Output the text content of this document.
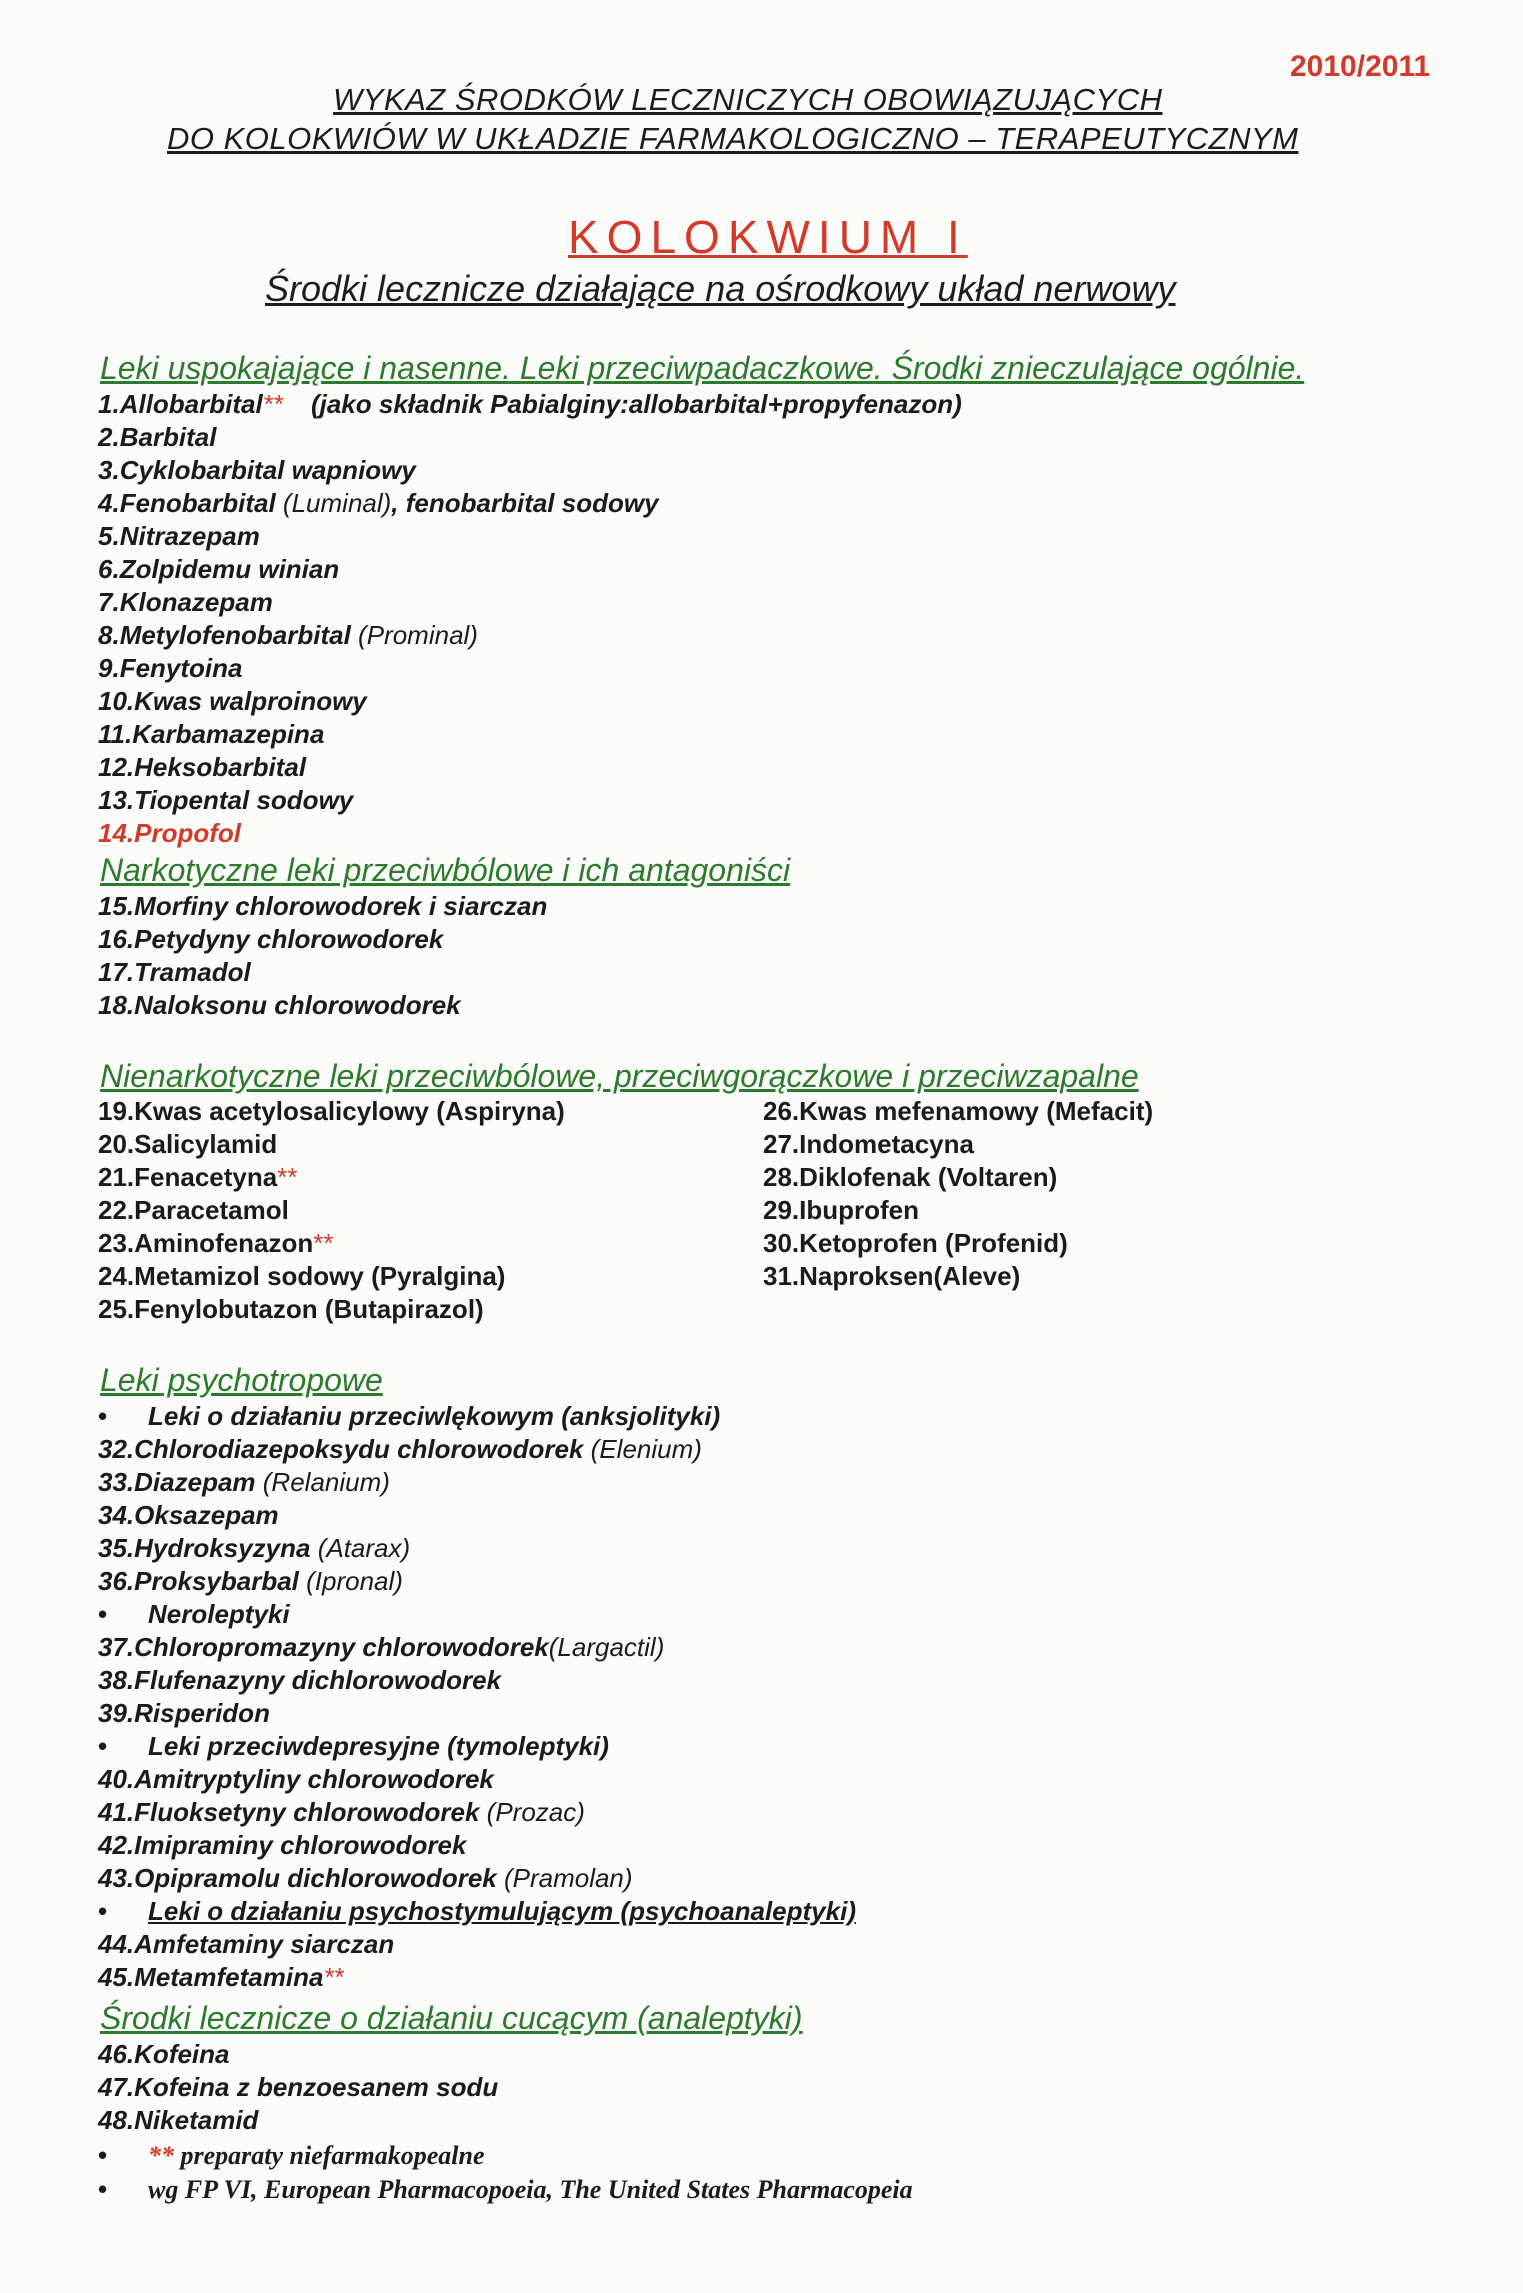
2010/2011
WYKAZ ŚRODKÓW LECZNICZYCH OBOWIĄZUJĄCYCH
DO KOLOKWIÓW W UKŁADZIE FARMAKOLOGICZNO – TERAPEUTYCZNYM
KOLOKWIUM I
Środki lecznicze działające na ośrodkowy układ nerwowy
Leki uspokajające i nasenne. Leki przeciwpadaczkowe. Środki znieczulające ogólnie.
1.Allobarbital** (jako składnik Pabialginy:allobarbital+propyfenazon)
2.Barbital
3.Cyklobarbital wapniowy
4.Fenobarbital (Luminal), fenobarbital sodowy
5.Nitrazepam
6.Zolpidemu winian
7.Klonazepam
8.Metylofenobarbital (Prominal)
9.Fenytoina
10.Kwas walproinowy
11.Karbamazepina
12.Heksobarbital
13.Tiopental sodowy
14.Propofol
Narkotyczne leki przeciwbólowe i ich antagoniści
15.Morfiny chlorowodorek i siarczan
16.Petydyny chlorowodorek
17.Tramadol
18.Naloksonu chlorowodorek
Nienarkotyczne leki przeciwbólowe, przeciwgorączkowe i przeciwzapalne
19.Kwas acetylosalicylowy (Aspiryna)
20.Salicylamid
21.Fenacetyna**
22.Paracetamol
23.Aminofenazon**
24.Metamizol sodowy (Pyralgina)
25.Fenylobutazon (Butapirazol)
26.Kwas mefenamowy (Mefacit)
27.Indometacyna
28.Diklofenak (Voltaren)
29.Ibuprofen
30.Ketoprofen (Profenid)
31.Naproksen(Aleve)
Leki psychotropowe
• Leki o działaniu przeciwlękowym (anksjolityki)
32.Chlorodiazepoksydu chlorowodorek (Elenium)
33.Diazepam (Relanium)
34.Oksazepam
35.Hydroksyzyna (Atarax)
36.Proksybarbal (Ipronal)
• Neroleptyki
37.Chloropromazyny chlorowodorek(Largactil)
38.Flufenazyny dichlorowodorek
39.Risperidon
• Leki przeciwdepresyjne (tymoleptyki)
40.Amitryptyliny chlorowodorek
41.Fluoksetyny chlorowodorek (Prozac)
42.Imipraminy chlorowodorek
43.Opipramolu dichlorowodorek (Pramolan)
• Leki o działaniu psychostymulującym (psychoanaleptyki)
44.Amfetaminy siarczan
45.Metamfetamina**
Środki lecznicze o działaniu cucącym (analeptyki)
46.Kofeina
47.Kofeina z benzoesanem sodu
48.Niketamid
• ** preparaty niefarmakopealne
• wg FP VI, European Pharmacopoeia, The United States Pharmacopeia
